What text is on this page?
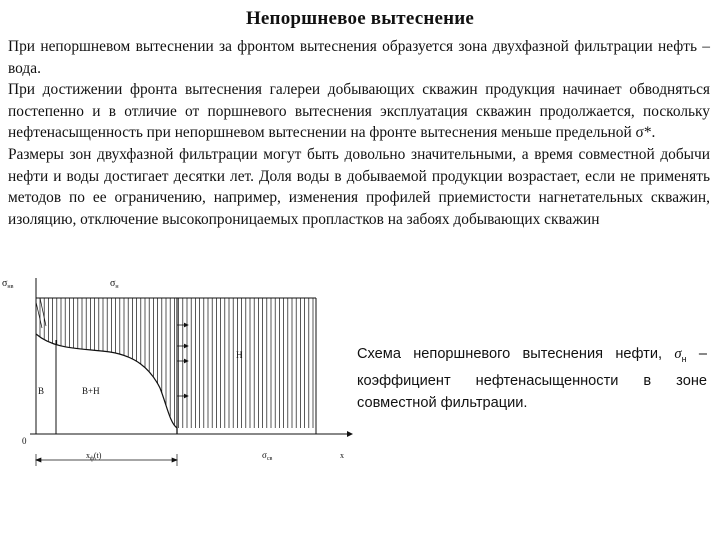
Непоршневое вытеснение

При непоршневом вытеснении за фронтом вытеснения образуется зона двухфазной фильтрации нефть – вода.

При достижении фронта вытеснения галереи добывающих скважин продукция начинает обводняться постепенно и в отличие от поршневого вытеснения эксплуатация скважин продолжается, поскольку нефтенасыщенность при непоршневом вытеснении на фронте вытеснения меньше предельной σ*.

Размеры зон двухфазной фильтрации могут быть довольно значительными, а время совместной добычи нефти и воды достигает десятки лет. Доля воды в добываемой продукции возрастает, если не применять методов по ее ограничению, например, изменения профилей приемистости нагнетательных скважин, изоляцию, отключение высокопроницаемых пропластков на забоях добывающих скважин

$\sigma_{нв}$	$\sigma_н$
Н
В	В+Н
0
$x_ф(t)$	$\sigma_{св}$	x
Схема непоршневого вытеснения нефти, $\sigma_н$ – коэффициент нефтенасыщенности в зоне совместной фильтрации.
